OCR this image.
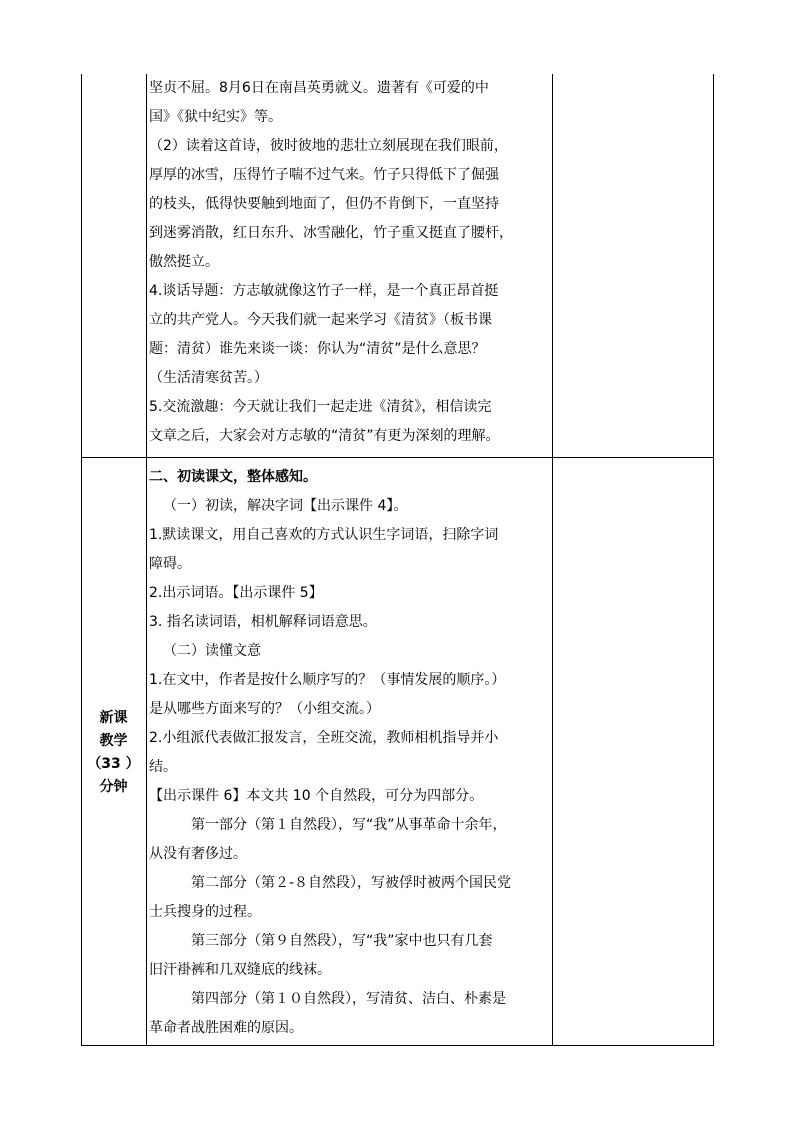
坚贞不屈。8月6日在南昌英勇就义。遗著有《可爱的中

国》《狱中纪实》等。

（2）读着这首诗，彼时彼地的悲壮立刻展现在我们眼前，

厚厚的冰雪，压得竹子喘不过气来。竹子只得低下了倔强

的枝头，低得快要触到地面了，但仍不肯倒下，一直坚持

到迷雾消散，红日东升、冰雪融化，竹子重又挺直了腰杆，

傲然挺立。

4.谈话导题：方志敏就像这竹子一样，是一个真正昂首挺

立的共产党人。今天我们就一起来学习《清贫》（板书课

题：清贫）谁先来谈一谈：你认为“清贫”是什么意思？

（生活清寒贫苦。）

5.交流激趣：今天就让我们一起走进《清贫》，相信读完

文章之后，大家会对方志敏的“清贫”有更为深刻的理解。

新课
教学
（33 ）
分钟

二、初读课文，整体感知。

（一）初读，解决字词【出示课件 4】。

1.默读课文，用自己喜欢的方式认识生字词语，扫除字词

障碍。

2.出示词语。【出示课件 5】

3. 指名读词语，相机解释词语意思。

（二）读懂文意

1.在文中，作者是按什么顺序写的？（事情发展的顺序。）

是从哪些方面来写的？（小组交流。）

2.小组派代表做汇报发言，全班交流，教师相机指导并小

结。

【出示课件 6】本文共 10 个自然段，可分为四部分。

第一部分（第１自然段），写“我”从事革命十余年，

从没有奢侈过。

第二部分（第２-８自然段），写被俘时被两个国民党

士兵搜身的过程。

第三部分（第９自然段），写“我”家中也只有几套

旧汗褂裤和几双缝底的线袜。

第四部分（第１０自然段），写清贫、洁白、朴素是

革命者战胜困难的原因。
